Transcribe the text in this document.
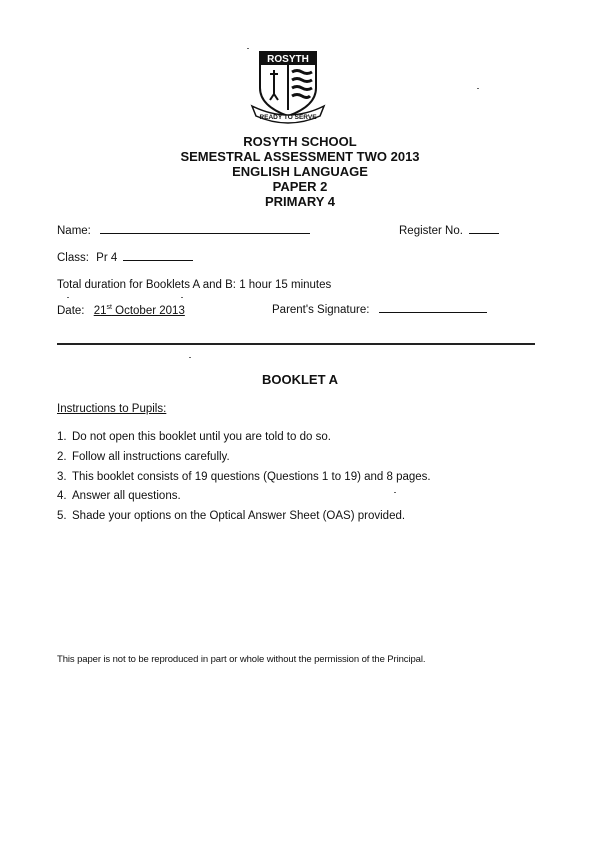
ROSYTH
READY TO SERVE
ROSYTH SCHOOL
SEMESTRAL ASSESSMENT TWO 2013
ENGLISH LANGUAGE
PAPER 2
PRIMARY 4
Name:	Register No.
Class: Pr 4
Total duration for Booklets A and B: 1 hour 15 minutes
Date: 21st October 2013	Parent's Signature:
BOOKLET A
Instructions to Pupils:
1. Do not open this booklet until you are told to do so.
2. Follow all instructions carefully.
3. This booklet consists of 19 questions (Questions 1 to 19) and 8 pages.
4. Answer all questions.
5. Shade your options on the Optical Answer Sheet (OAS) provided.
This paper is not to be reproduced in part or whole without the permission of the Principal.
